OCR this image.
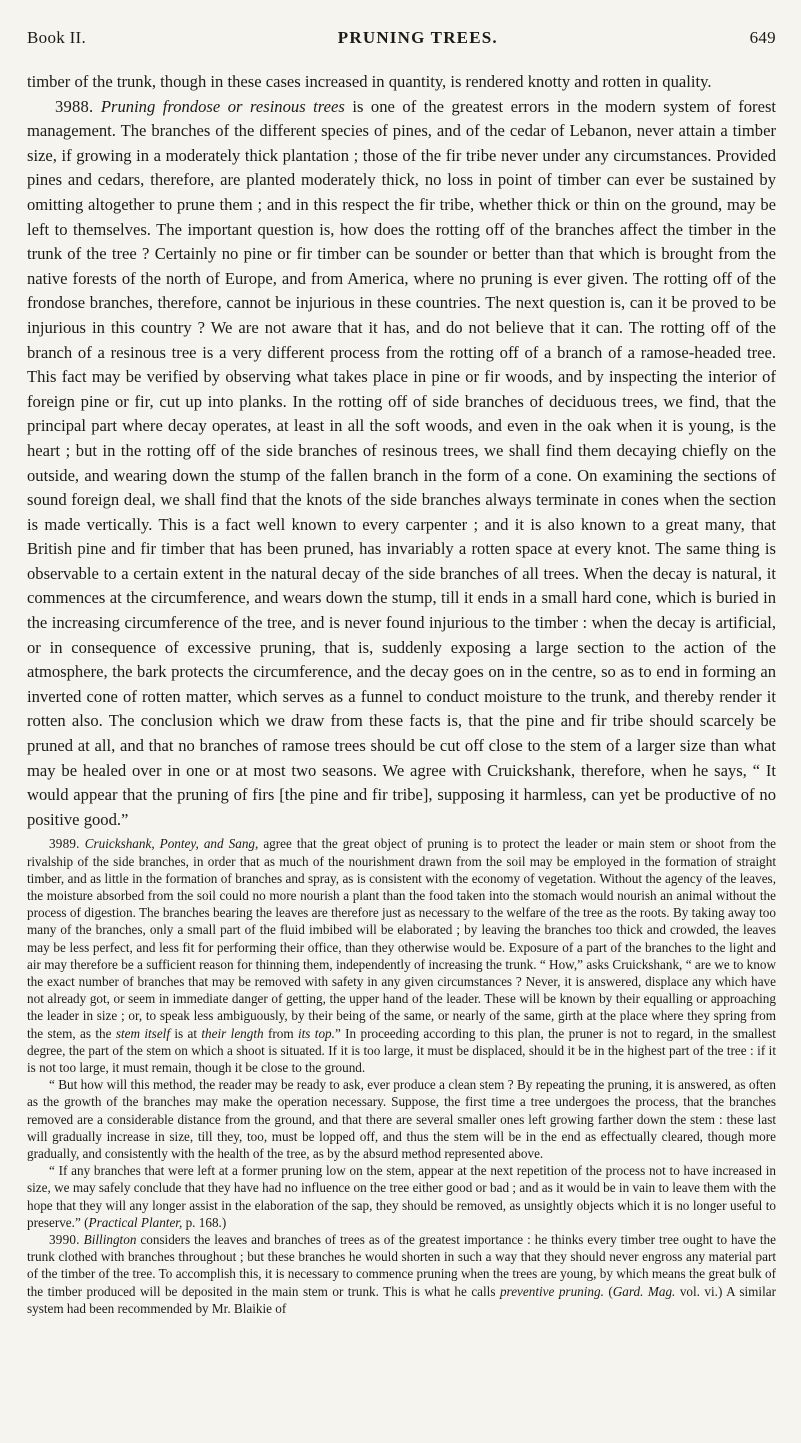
Book II.	PRUNING TREES.	649

timber of the trunk, though in these cases increased in quantity, is rendered knotty and rotten in quality.

3988. Pruning frondose or resinous trees is one of the greatest errors in the modern system of forest management. The branches of the different species of pines, and of the cedar of Lebanon, never attain a timber size, if growing in a moderately thick plantation ; those of the fir tribe never under any circumstances. Provided pines and cedars, therefore, are planted moderately thick, no loss in point of timber can ever be sustained by omitting altogether to prune them ; and in this respect the fir tribe, whether thick or thin on the ground, may be left to themselves. The important question is, how does the rotting off of the branches affect the timber in the trunk of the tree ? Certainly no pine or fir timber can be sounder or better than that which is brought from the native forests of the north of Europe, and from America, where no pruning is ever given. The rotting off of the frondose branches, therefore, cannot be injurious in these countries. The next question is, can it be proved to be injurious in this country ? We are not aware that it has, and do not believe that it can. The rotting off of the branch of a resinous tree is a very different process from the rotting off of a branch of a ramose-headed tree. This fact may be verified by observing what takes place in pine or fir woods, and by inspecting the interior of foreign pine or fir, cut up into planks. In the rotting off of side branches of deciduous trees, we find, that the principal part where decay operates, at least in all the soft woods, and even in the oak when it is young, is the heart ; but in the rotting off of the side branches of resinous trees, we shall find them decaying chiefly on the outside, and wearing down the stump of the fallen branch in the form of a cone. On examining the sections of sound foreign deal, we shall find that the knots of the side branches always terminate in cones when the section is made vertically. This is a fact well known to every carpenter ; and it is also known to a great many, that British pine and fir timber that has been pruned, has invariably a rotten space at every knot. The same thing is observable to a certain extent in the natural decay of the side branches of all trees. When the decay is natural, it commences at the circumference, and wears down the stump, till it ends in a small hard cone, which is buried in the increasing circumference of the tree, and is never found injurious to the timber : when the decay is artificial, or in consequence of excessive pruning, that is, suddenly exposing a large section to the action of the atmosphere, the bark protects the circumference, and the decay goes on in the centre, so as to end in forming an inverted cone of rotten matter, which serves as a funnel to conduct moisture to the trunk, and thereby render it rotten also. The conclusion which we draw from these facts is, that the pine and fir tribe should scarcely be pruned at all, and that no branches of ramose trees should be cut off close to the stem of a larger size than what may be healed over in one or at most two seasons. We agree with Cruickshank, therefore, when he says, “ It would appear that the pruning of firs [the pine and fir tribe], supposing it harmless, can yet be productive of no positive good.”

3989. Cruickshank, Pontey, and Sang, agree that the great object of pruning is to protect the leader or main stem or shoot from the rivalship of the side branches, in order that as much of the nourishment drawn from the soil may be employed in the formation of straight timber, and as little in the formation of branches and spray, as is consistent with the economy of vegetation. Without the agency of the leaves, the moisture absorbed from the soil could no more nourish a plant than the food taken into the stomach would nourish an animal without the process of digestion. The branches bearing the leaves are therefore just as necessary to the welfare of the tree as the roots. By taking away too many of the branches, only a small part of the fluid imbibed will be elaborated ; by leaving the branches too thick and crowded, the leaves may be less perfect, and less fit for performing their office, than they otherwise would be. Exposure of a part of the branches to the light and air may therefore be a sufficient reason for thinning them, independently of increasing the trunk. “ How,” asks Cruickshank, “ are we to know the exact number of branches that may be removed with safety in any given circumstances ? Never, it is answered, displace any which have not already got, or seem in immediate danger of getting, the upper hand of the leader. These will be known by their equalling or approaching the leader in size ; or, to speak less ambiguously, by their being of the same, or nearly of the same, girth at the place where they spring from the stem, as the stem itself is at their length from its top.” In proceeding according to this plan, the pruner is not to regard, in the smallest degree, the part of the stem on which a shoot is situated. If it is too large, it must be displaced, should it be in the highest part of the tree : if it is not too large, it must remain, though it be close to the ground.

“ But how will this method, the reader may be ready to ask, ever produce a clean stem ? By repeating the pruning, it is answered, as often as the growth of the branches may make the operation necessary. Suppose, the first time a tree undergoes the process, that the branches removed are a considerable distance from the ground, and that there are several smaller ones left growing farther down the stem : these last will gradually increase in size, till they, too, must be lopped off, and thus the stem will be in the end as effectually cleared, though more gradually, and consistently with the health of the tree, as by the absurd method represented above.

“ If any branches that were left at a former pruning low on the stem, appear at the next repetition of the process not to have increased in size, we may safely conclude that they have had no influence on the tree either good or bad ; and as it would be in vain to leave them with the hope that they will any longer assist in the elaboration of the sap, they should be removed, as unsightly objects which it is no longer useful to preserve.” (Practical Planter, p. 168.)

3990. Billington considers the leaves and branches of trees as of the greatest importance : he thinks every timber tree ought to have the trunk clothed with branches throughout ; but these branches he would shorten in such a way that they should never engross any material part of the timber of the tree. To accomplish this, it is necessary to commence pruning when the trees are young, by which means the great bulk of the timber produced will be deposited in the main stem or trunk. This is what he calls preventive pruning. (Gard. Mag. vol. vi.) A similar system had been recommended by Mr. Blaikie of
